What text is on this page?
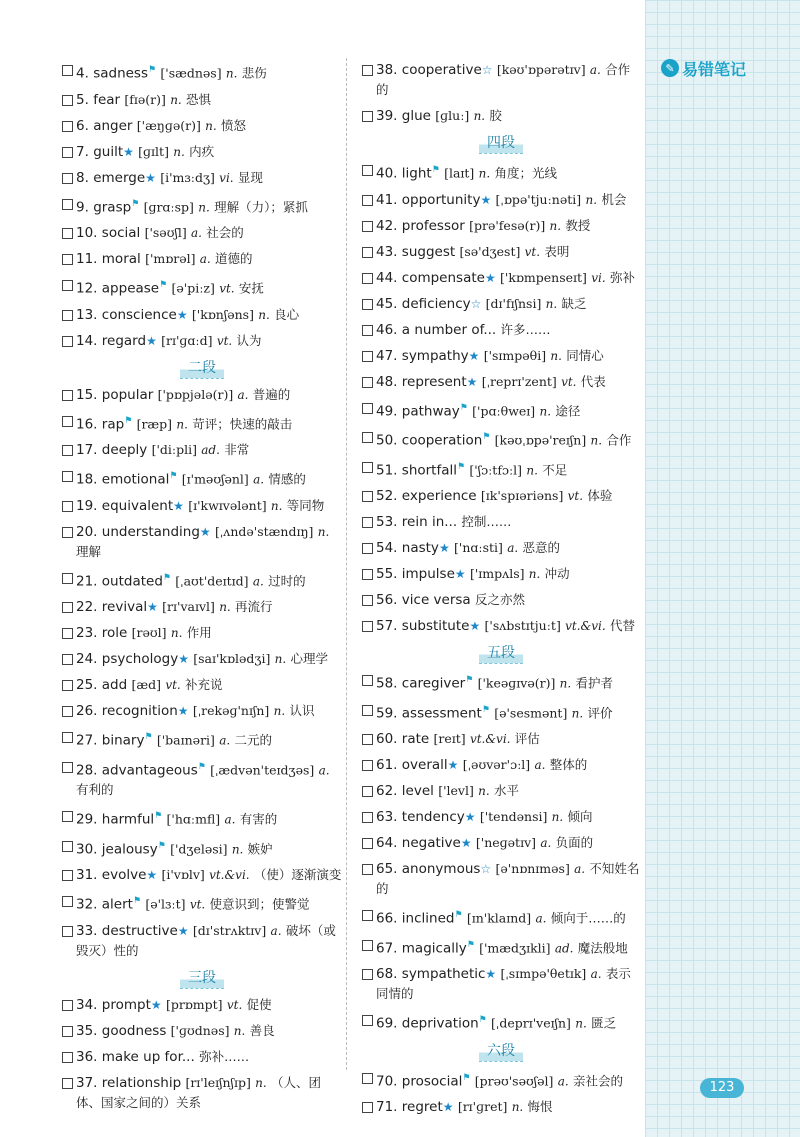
✎ 易错笔记
4. sadness⚑ ['sædnəs] n. 悲伤
5. fear [fɪə(r)] n. 恐惧
6. anger ['æŋɡə(r)] n. 愤怒
7. guilt★ [ɡɪlt] n. 内疚
8. emerge★ [i'mɜːdʒ] vi. 显现
9. grasp⚑ [ɡrɑːsp] n. 理解（力）；紧抓
10. social ['səʊʃl] a. 社会的
11. moral ['mɒrəl] a. 道德的
12. appease⚑ [ə'piːz] vt. 安抚
13. conscience★ ['kɒnʃəns] n. 良心
14. regard★ [rɪ'ɡɑːd] vt. 认为
二段
15. popular ['pɒpjələ(r)] a. 普遍的
16. rap⚑ [ræp] n. 苛评；快速的敲击
17. deeply ['diːpli] ad. 非常
18. emotional⚑ [ɪ'məʊʃənl] a. 情感的
19. equivalent★ [ɪ'kwɪvələnt] n. 等同物
20. understanding★ [ˌʌndə'stændɪŋ] n. 理解
21. outdated⚑ [ˌaʊt'deɪtɪd] a. 过时的
22. revival★ [rɪ'vaɪvl] n. 再流行
23. role [rəʊl] n. 作用
24. psychology★ [saɪ'kɒlədʒi] n. 心理学
25. add [æd] vt. 补充说
26. recognition★ [ˌrekəɡ'nɪʃn] n. 认识
27. binary⚑ ['baɪnəri] a. 二元的
28. advantageous⚑ [ˌædvən'teɪdʒəs] a. 有利的
29. harmful⚑ ['hɑːmfl] a. 有害的
30. jealousy⚑ ['dʒeləsi] n. 嫉妒
31. evolve★ [i'vɒlv] vt.&vi. （使）逐渐演变
32. alert⚑ [ə'lɜːt] vt. 使意识到；使警觉
33. destructive★ [dɪ'strʌktɪv] a. 破坏（或毁灭）性的
三段
34. prompt★ [prɒmpt] vt. 促使
35. goodness ['ɡʊdnəs] n. 善良
36. make up for... 弥补……
37. relationship [rɪ'leɪʃnʃɪp] n. （人、团体、国家之间的）关系
38. cooperative☆ [kəʊ'ɒpərətɪv] a. 合作的
39. glue [ɡluː] n. 胶
四段
40. light⚑ [laɪt] n. 角度；光线
41. opportunity★ [ˌɒpə'tjuːnəti] n. 机会
42. professor [prə'fesə(r)] n. 教授
43. suggest [sə'dʒest] vt. 表明
44. compensate★ ['kɒmpenseɪt] vi. 弥补
45. deficiency☆ [dɪ'fɪʃnsi] n. 缺乏
46. a number of... 许多……
47. sympathy★ ['sɪmpəθi] n. 同情心
48. represent★ [ˌreprɪ'zent] vt. 代表
49. pathway⚑ ['pɑːθweɪ] n. 途径
50. cooperation⚑ [kəʊˌɒpə'reɪʃn] n. 合作
51. shortfall⚑ ['ʃɔːtfɔːl] n. 不足
52. experience [ɪk'spɪəriəns] vt. 体验
53. rein in... 控制……
54. nasty★ ['nɑːsti] a. 恶意的
55. impulse★ ['ɪmpʌls] n. 冲动
56. vice versa 反之亦然
57. substitute★ ['sʌbstɪtjuːt] vt.&vi. 代替
五段
58. caregiver⚑ ['keəɡɪvə(r)] n. 看护者
59. assessment⚑ [ə'sesmənt] n. 评价
60. rate [reɪt] vt.&vi. 评估
61. overall★ [ˌəʊvər'ɔːl] a. 整体的
62. level ['levl] n. 水平
63. tendency★ ['tendənsi] n. 倾向
64. negative★ ['neɡətɪv] a. 负面的
65. anonymous☆ [ə'nɒnɪməs] a. 不知姓名的
66. inclined⚑ [ɪn'klaɪnd] a. 倾向于……的
67. magically⚑ ['mædʒɪkli] ad. 魔法般地
68. sympathetic★ [ˌsɪmpə'θetɪk] a. 表示同情的
69. deprivation⚑ [ˌdeprɪ'veɪʃn] n. 匮乏
六段
70. prosocial⚑ [prəʊ'səʊʃəl] a. 亲社会的
71. regret★ [rɪ'ɡret] n. 悔恨
123
